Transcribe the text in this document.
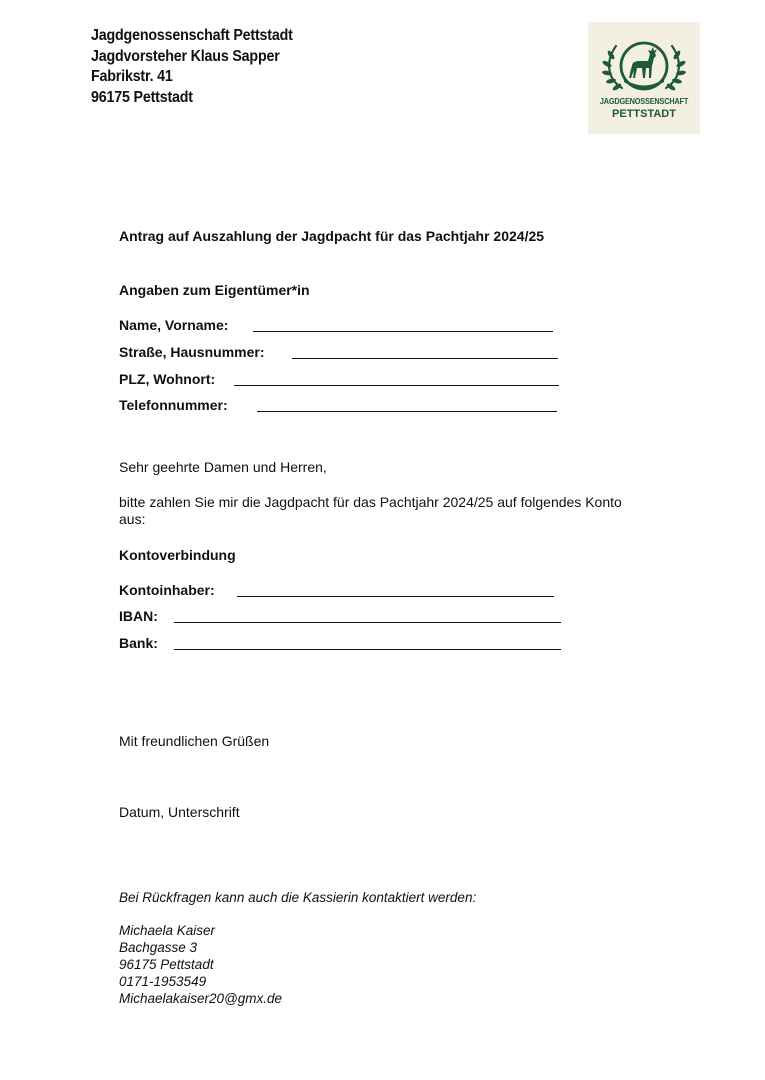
Jagdgenossenschaft Pettstadt
Jagdvorsteher Klaus Sapper
Fabrikstr. 41
96175 Pettstadt	JAGDGENOSSENSCHAFT
PETTSTADT
Antrag auf Auszahlung der Jagdpacht für das Pachtjahr 2024/25
Angaben zum Eigentümer*in
Name, Vorname:
Straße, Hausnummer:
PLZ, Wohnort:
Telefonnummer:
Sehr geehrte Damen und Herren,
bitte zahlen Sie mir die Jagdpacht für das Pachtjahr 2024/25 auf folgendes Konto
aus:
Kontoverbindung
Kontoinhaber:
IBAN:
Bank:
Mit freundlichen Grüßen
Datum, Unterschrift
Bei Rückfragen kann auch die Kassierin kontaktiert werden:
Michaela Kaiser
Bachgasse 3
96175 Pettstadt
0171-1953549
Michaelakaiser20@gmx.de
